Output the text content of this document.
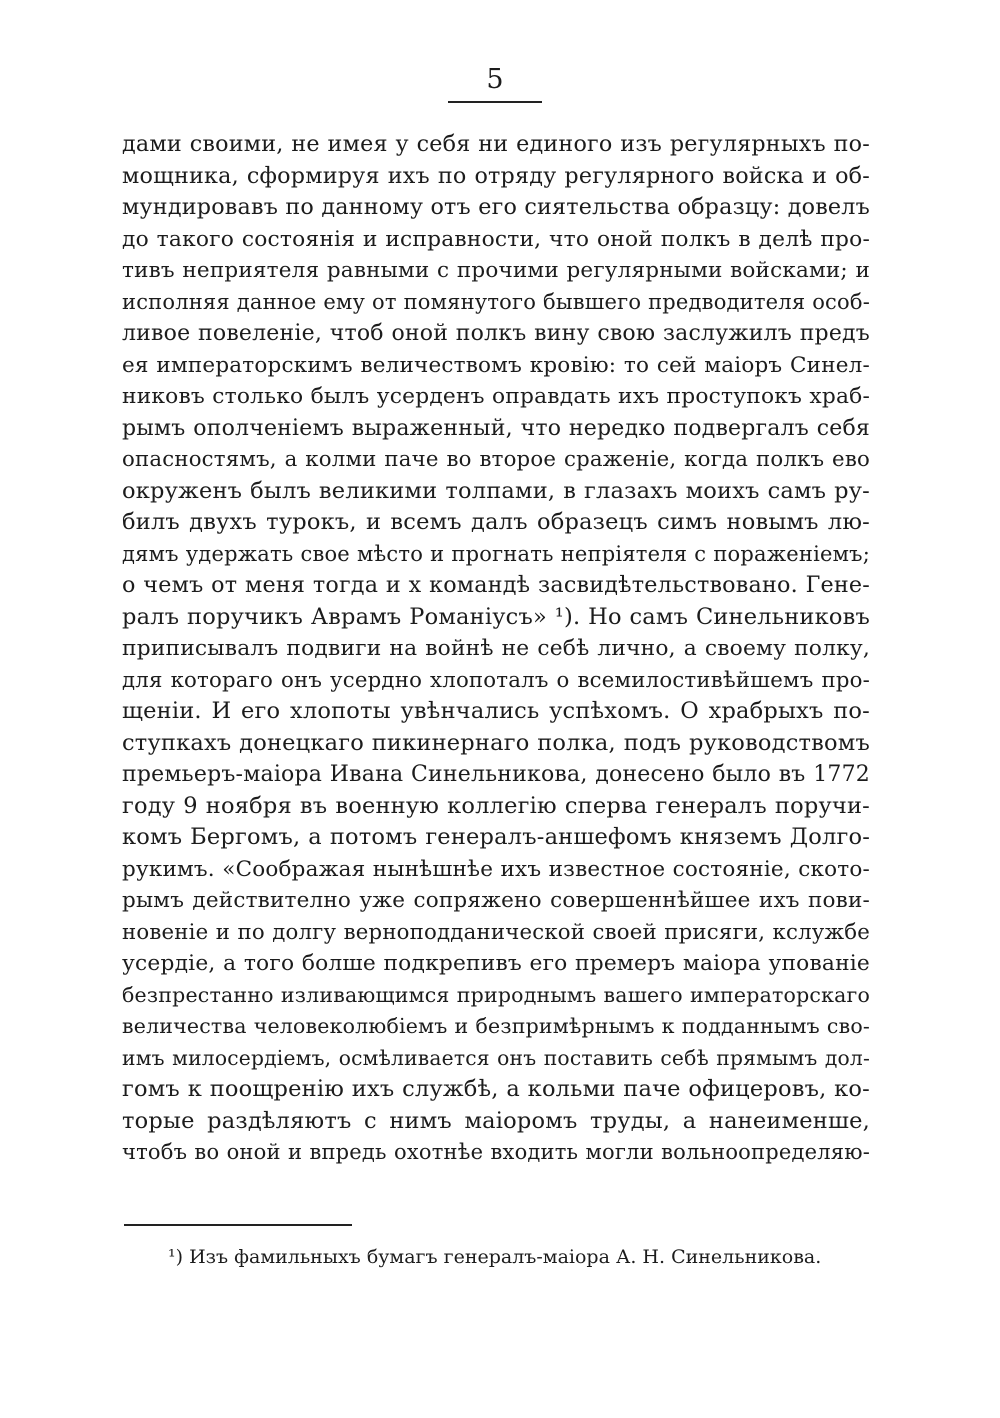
5
дами своими, не имея у себя ни единого изъ регулярныхъ по-
мощника, сформируя ихъ по отряду регулярного войска и об-
мундировавъ по данному отъ его сиятельства образцу: довелъ
до такого состоянія и исправности, что оной полкъ в делѣ про-
тивъ неприятеля равными с прочими регулярными войсками; и
исполняя данное ему от помянутого бывшего предводителя особ-
ливое повеленіе, чтоб оной полкъ вину свою заслужилъ предъ
ея императорскимъ величествомъ кровію: то сей маіоръ Синел-
никовъ столько былъ усерденъ оправдать ихъ проступокъ храб-
рымъ ополченіемъ выраженный, что нередко подвергалъ себя
опасностямъ, а колми паче во второе сраженіе, когда полкъ ево
окруженъ былъ великими толпами, в глазахъ моихъ самъ ру-
билъ двухъ турокъ, и всемъ далъ образецъ симъ новымъ лю-
дямъ удержать свое мѣсто и прогнать непріятеля с пораженіемъ;
о чемъ от меня тогда и х командѣ засвидѣтельствовано. Гене-
ралъ поручикъ Аврамъ Романіусъ» ¹). Но самъ Синельниковъ
приписывалъ подвиги на войнѣ не себѣ лично, а своему полку,
для котораго онъ усердно хлопоталъ о всемилостивѣйшемъ про-
щеніи. И его хлопоты увѣнчались успѣхомъ. О храбрыхъ по-
ступкахъ донецкаго пикинернаго полка, подъ руководствомъ
премьеръ-маіора Ивана Синельникова, донесено было въ 1772
году 9 ноября въ военную коллегію сперва генералъ поручи-
комъ Бергомъ, а потомъ генералъ-аншефомъ княземъ Долго-
рукимъ. «Соображая нынѣшнѣе ихъ известное состояніе, ското-
рымъ действително уже сопряжено совершеннѣйшее ихъ пови-
новеніе и по долгу верноподданической своей присяги, кслужбе
усердіе, а того болше подкрепивъ его премеръ маіора упованіе
безпрестанно изливающимся природнымъ вашего императорскаго
величества человеколюбіемъ и безпримѣрнымъ к подданнымъ сво-
имъ милосердіемъ, осмѣливается онъ поставить себѣ прямымъ дол-
гомъ к поощренію ихъ службѣ, а кольми паче офицеровъ, ко-
торые раздѣляютъ с нимъ маіоромъ труды, а нанеименше,
чтобъ во оной и впредь охотнѣе входить могли вольноопределяю-
¹) Изъ фамильныхъ бумагъ генералъ-маіора А. Н. Синельникова.
